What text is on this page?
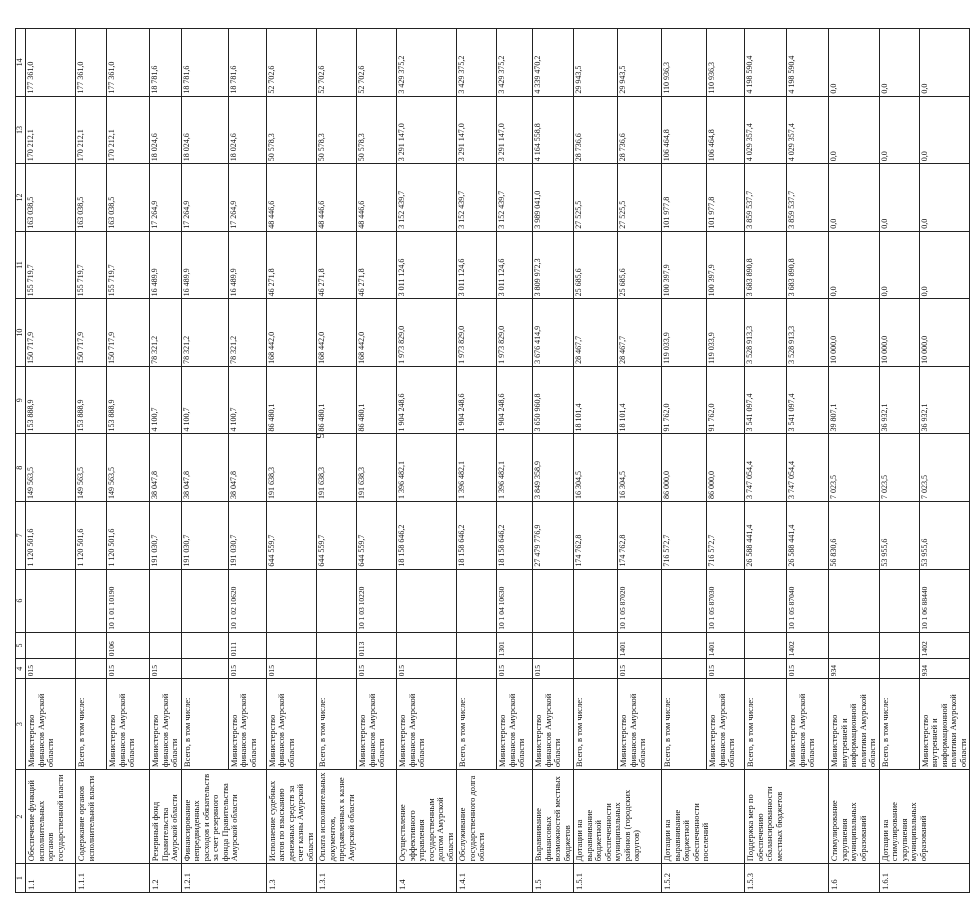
6
1	2	3	4	5	6	7	8	9	10	11	12	13	14
1.1	Обеспечение функций исполнительных органов государственной власти	Министерство финансов Амурской области	015			1 120 501,6	149 563,5	153 888,9	150 717,9	155 719,7	163 038,5	170 212,1	177 361,0
1.1.1	Содержание органов исполнительной власти	Всего, в том числе:				1 120 501,6	149 563,5	153 888,9	150 717,9	155 719,7	163 038,5	170 212,1	177 361,0
		Министерство финансов Амурской области	015	0106	10 1 01 10190	1 120 501,6	149 563,5	153 888,9	150 717,9	155 719,7	163 038,5	170 212,1	177 361,0
1.2	Резервный фонд Правительства Амурской области	Министерство финансов Амурской области	015			191 030,7	38 047,8	4 100,7	78 321,2	16 489,9	17 264,9	18 024,6	18 781,6
1.2.1	Финансирование непредвиденных расходов и обязательств за счет резервного фонда Правительства Амурской области	Всего, в том числе:				191 030,7	38 047,8	4 100,7	78 321,2	16 489,9	17 264,9	18 024,6	18 781,6
		Министерство финансов Амурской области	015	0111	10 1 02 10620	191 030,7	38 047,8	4 100,7	78 321,2	16 489,9	17 264,9	18 024,6	18 781,6
1.3	Исполнение судебных актов по взысканию денежных средств за счет казны Амурской области	Министерство финансов Амурской области	015			644 559,7	191 638,3	86 480,1	168 442,0	46 271,8	48 446,6	50 578,3	52 702,6
1.3.1	Оплата исполнительных документов, предъявленных к казне Амурской области	Всего, в том числе:				644 559,7	191 638,3	86 480,1	168 442,0	46 271,8	48 446,6	50 578,3	52 702,6
		Министерство финансов Амурской области	015	0113	10 1 03 10220	644 559,7	191 638,3	86 480,1	168 442,0	46 271,8	48 446,6	50 578,3	52 702,6
1.4	Осуществление эффективного управления государственным долгом Амурской области	Министерство финансов Амурской области	015			18 158 646,2	1 396 482,1	1 904 248,6	1 973 829,0	3 011 124,6	3 152 439,7	3 291 147,0	3 429 375,2
1.4.1	Обслуживание государственного долга области	Всего, в том числе:				18 158 646,2	1 396 482,1	1 904 248,6	1 973 829,0	3 011 124,6	3 152 439,7	3 291 147,0	3 429 375,2
		Министерство финансов Амурской области	015	1301	10 1 04 10630	18 158 646,2	1 396 482,1	1 904 248,6	1 973 829,0	3 011 124,6	3 152 439,7	3 291 147,0	3 429 375,2
1.5	Выравнивание финансовых возможностей местных бюджетов	Министерство финансов Амурской области	015			27 479 776,9	3 849 358,9	3 650 960,8	3 676 414,9	3 809 972,3	3 989 041,0	4 164 558,8	4 339 470,2
1.5.1	Дотации на выравнивание бюджетной обеспеченности муниципальных районов (городских округов)	Всего, в том числе:				174 762,8	16 304,5	18 101,4	28 467,7	25 685,6	27 525,5	28 736,6	29 943,5
		Министерство финансов Амурской области	015	1401	10 1 05 87020	174 762,8	16 304,5	18 101,4	28 467,7	25 685,6	27 525,5	28 736,6	29 943,5
1.5.2	Дотации на выравнивание бюджетной обеспеченности поселений	Всего, в том числе:				716 572,7	86 000,0	91 762,0	119 033,9	100 397,9	101 977,8	106 464,8	110 936,3
		Министерство финансов Амурской области	015	1401	10 1 05 87030	716 572,7	86 000,0	91 762,0	119 033,9	100 397,9	101 977,8	106 464,8	110 936,3
1.5.3	Поддержка мер по обеспечению сбалансированности местных бюджетов	Всего, в том числе:				26 588 441,4	3 747 054,4	3 541 097,4	3 528 913,3	3 683 890,8	3 859 537,7	4 029 357,4	4 198 590,4
		Министерство финансов Амурской области	015	1402	10 1 05 87040	26 588 441,4	3 747 054,4	3 541 097,4	3 528 913,3	3 683 890,8	3 859 537,7	4 029 357,4	4 198 590,4
1.6	Стимулирование укрупнения муниципальных образований	Министерство внутренней и информационной политики Амурской области	934			56 830,6	7 023,5	39 807,1	10 000,0	0,0	0,0	0,0	0,0
1.6.1	Дотации на стимулирование укрупнения муниципальных образований	Всего, в том числе:				53 955,6	7 023,5	36 932,1	10 000,0	0,0	0,0	0,0	0,0
		Министерство внутренней и информационной политики Амурской области	934	1402	10 1 06 88440	53 955,6	7 023,5	36 932,1	10 000,0	0,0	0,0	0,0	0,0
